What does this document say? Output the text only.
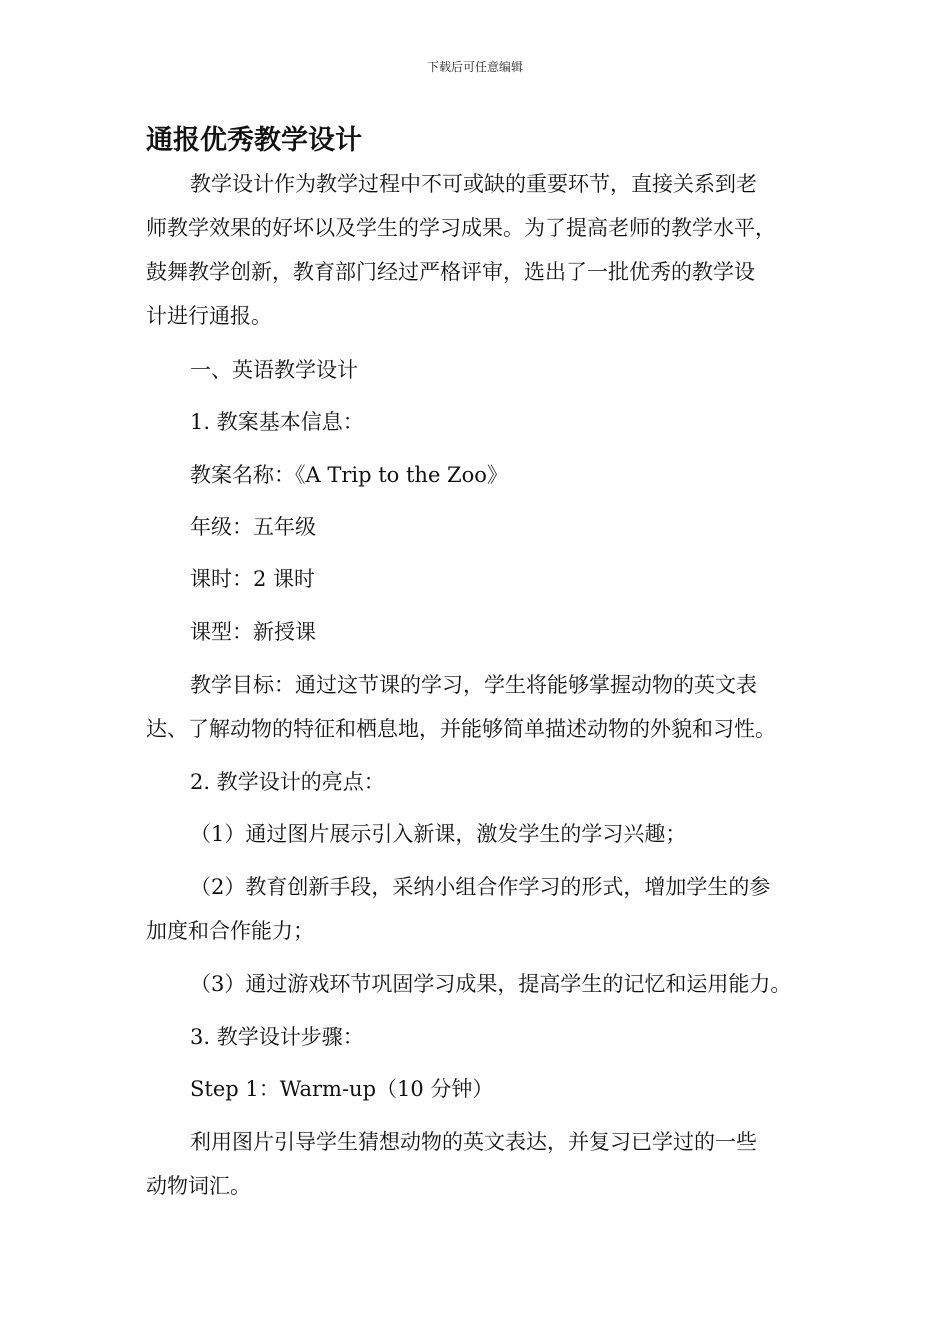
下载后可任意编辑
通报优秀教学设计
教学设计作为教学过程中不可或缺的重要环节，直接关系到老
师教学效果的好坏以及学生的学习成果。为了提高老师的教学水平，
鼓舞教学创新，教育部门经过严格评审，选出了一批优秀的教学设
计进行通报。
一、英语教学设计
1. 教案基本信息：
教案名称：《A Trip to the Zoo》
年级：五年级
课时：2 课时
课型：新授课
教学目标：通过这节课的学习，学生将能够掌握动物的英文表
达、了解动物的特征和栖息地，并能够简单描述动物的外貌和习性。
2. 教学设计的亮点：
（1）通过图片展示引入新课，激发学生的学习兴趣；
（2）教育创新手段，采纳小组合作学习的形式，增加学生的参
加度和合作能力；
（3）通过游戏环节巩固学习成果，提高学生的记忆和运用能力。
3. 教学设计步骤：
Step 1：Warm-up（10 分钟）
利用图片引导学生猜想动物的英文表达，并复习已学过的一些
动物词汇。
